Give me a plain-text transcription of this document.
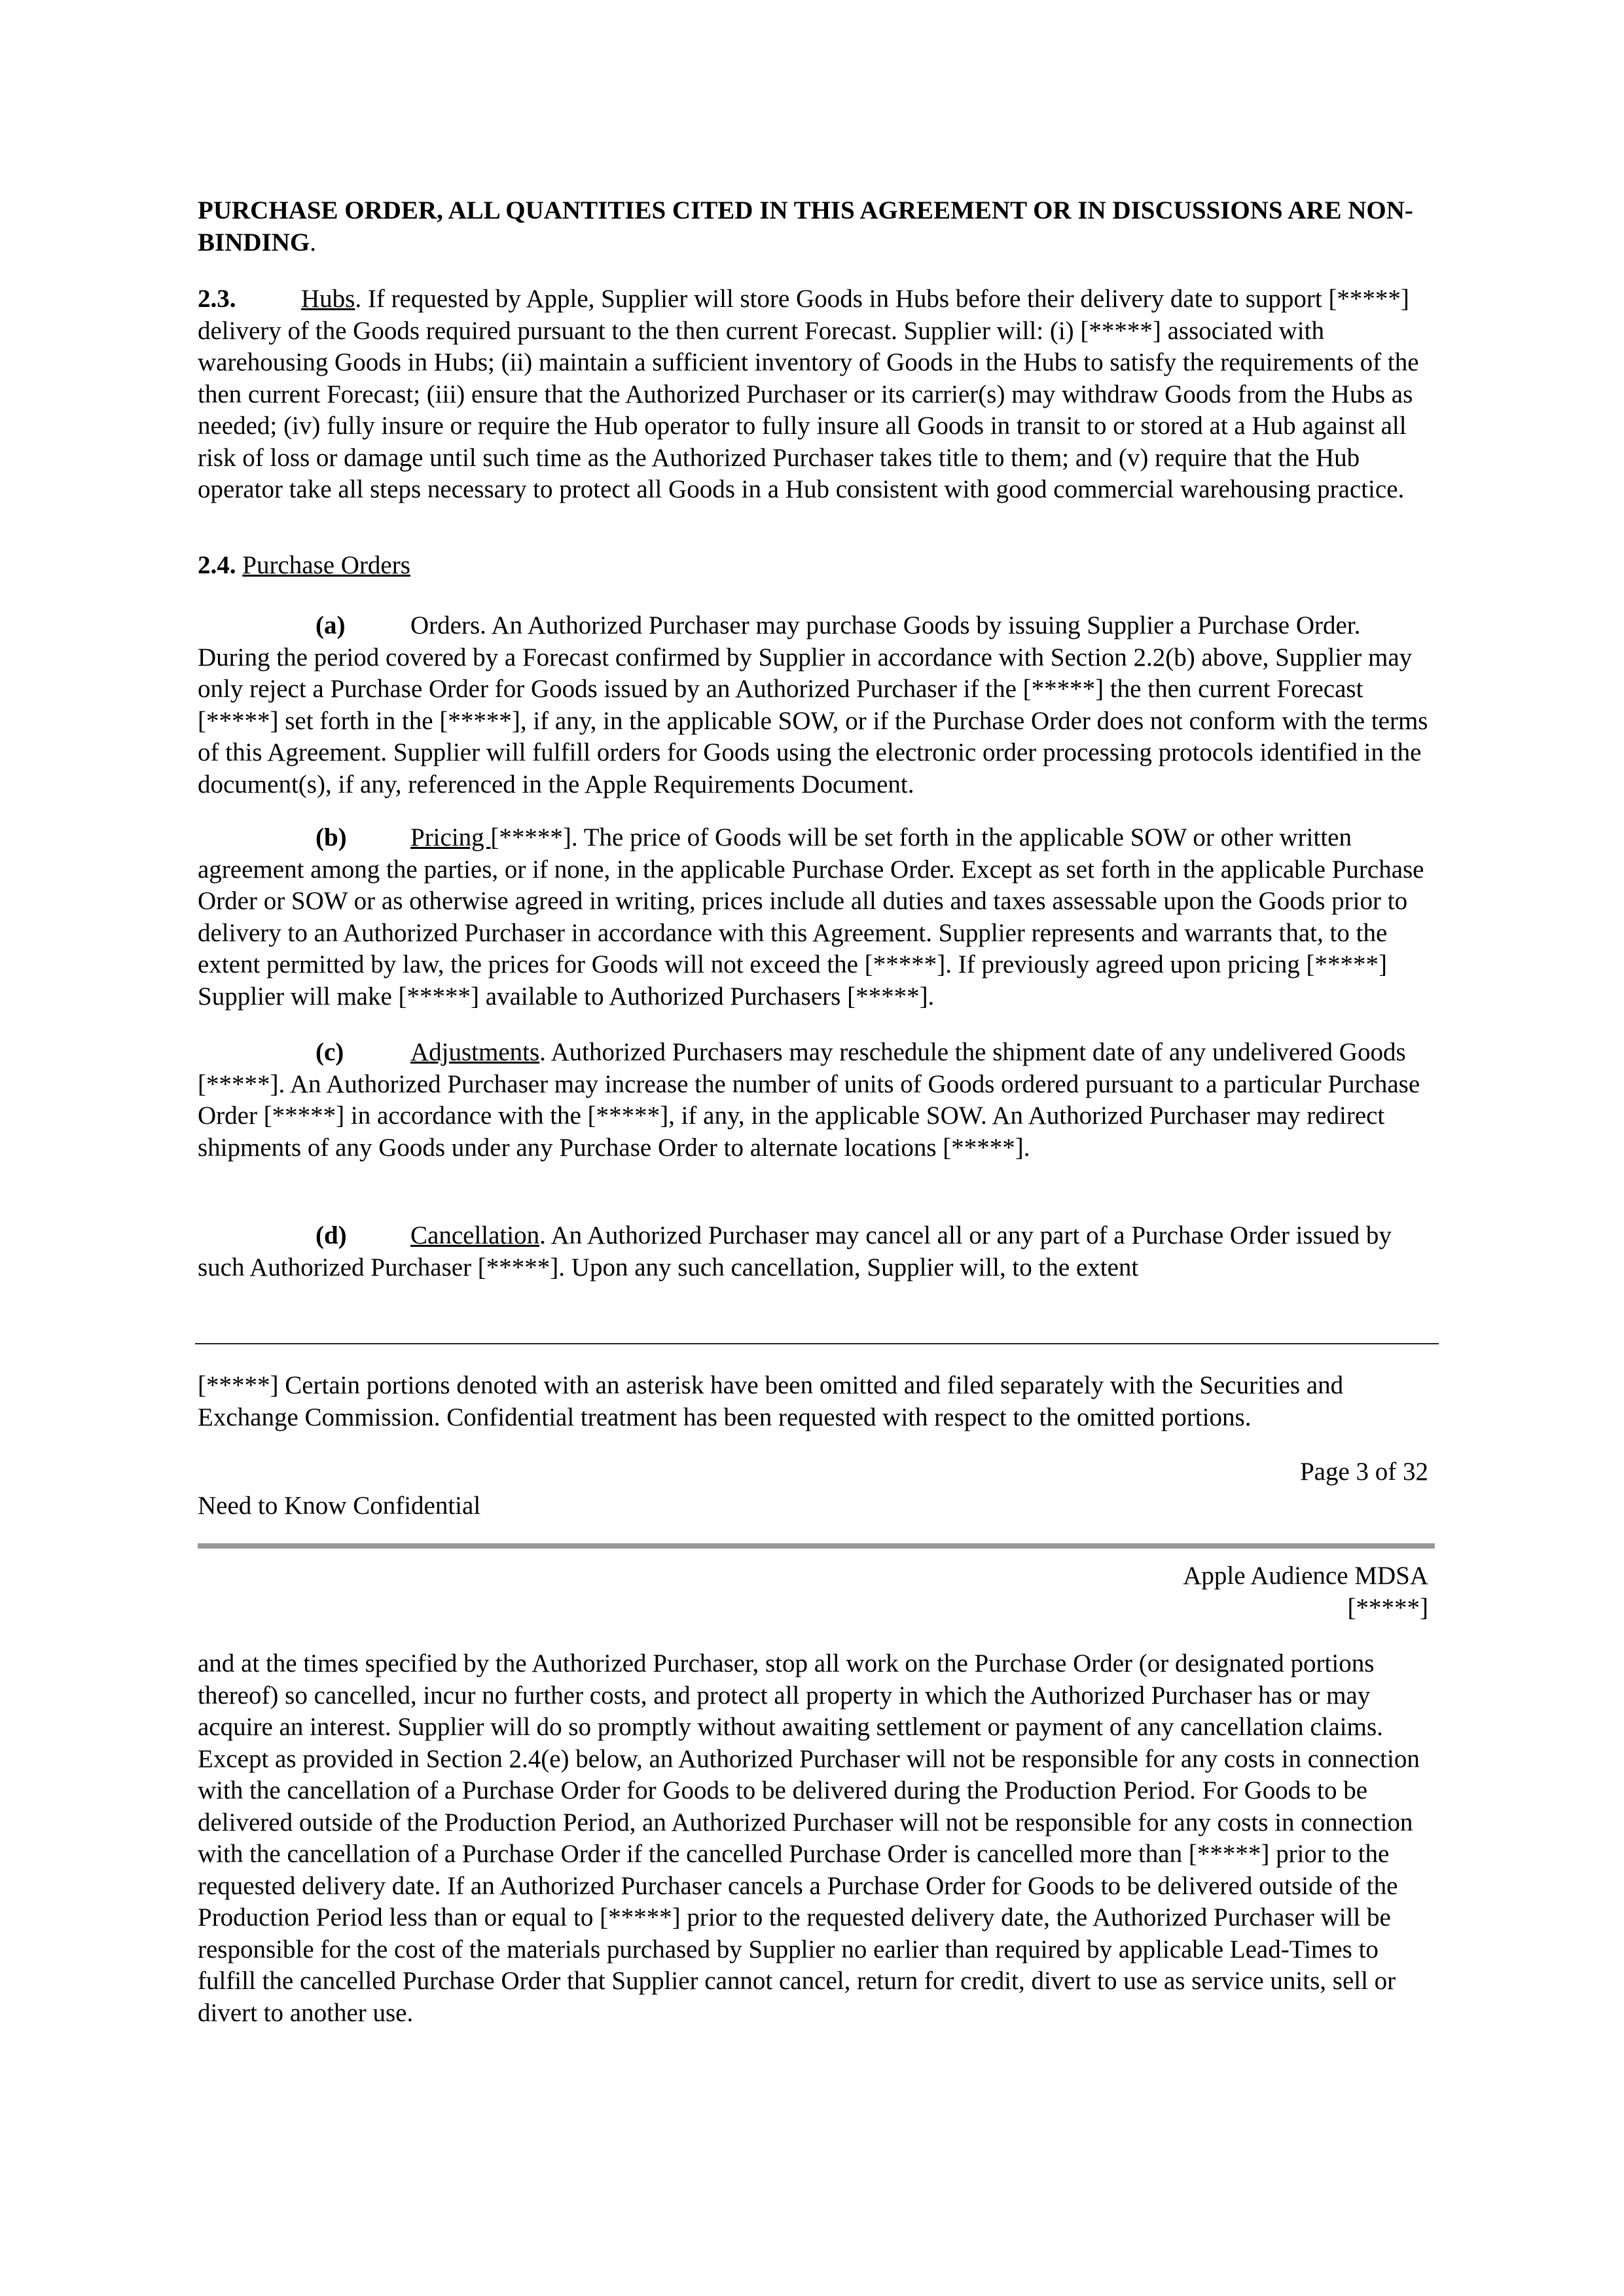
PURCHASE ORDER, ALL QUANTITIES CITED IN THIS AGREEMENT OR IN DISCUSSIONS ARE NON-BINDING.

2.3.	Hubs. If requested by Apple, Supplier will store Goods in Hubs before their delivery date to support [*****] delivery of the Goods required pursuant to the then current Forecast. Supplier will: (i) [*****] associated with warehousing Goods in Hubs; (ii) maintain a sufficient inventory of Goods in the Hubs to satisfy the requirements of the then current Forecast; (iii) ensure that the Authorized Purchaser or its carrier(s) may withdraw Goods from the Hubs as needed; (iv) fully insure or require the Hub operator to fully insure all Goods in transit to or stored at a Hub against all risk of loss or damage until such time as the Authorized Purchaser takes title to them; and (v) require that the Hub operator take all steps necessary to protect all Goods in a Hub consistent with good commercial warehousing practice.

2.4. Purchase Orders

(a)	Orders. An Authorized Purchaser may purchase Goods by issuing Supplier a Purchase Order. During the period covered by a Forecast confirmed by Supplier in accordance with Section 2.2(b) above, Supplier may only reject a Purchase Order for Goods issued by an Authorized Purchaser if the [*****] the then current Forecast [*****] set forth in the [*****], if any, in the applicable SOW, or if the Purchase Order does not conform with the terms of this Agreement. Supplier will fulfill orders for Goods using the electronic order processing protocols identified in the document(s), if any, referenced in the Apple Requirements Document.

(b) Pricing [*****]. The price of Goods will be set forth in the applicable SOW or other written agreement among the parties, or if none, in the applicable Purchase Order. Except as set forth in the applicable Purchase Order or SOW or as otherwise agreed in writing, prices include all duties and taxes assessable upon the Goods prior to delivery to an Authorized Purchaser in accordance with this Agreement. Supplier represents and warrants that, to the extent permitted by law, the prices for Goods will not exceed the [*****]. If previously agreed upon pricing [*****] Supplier will make [*****] available to Authorized Purchasers [*****].

(c)	Adjustments. Authorized Purchasers may reschedule the shipment date of any undelivered Goods [*****]. An Authorized Purchaser may increase the number of units of Goods ordered pursuant to a particular Purchase Order [*****] in accordance with the [*****], if any, in the applicable SOW. An Authorized Purchaser may redirect shipments of any Goods under any Purchase Order to alternate locations [*****].

(d) Cancellation. An Authorized Purchaser may cancel all or any part of a Purchase Order issued by such Authorized Purchaser [*****]. Upon any such cancellation, Supplier will, to the extent

[*****] Certain portions denoted with an asterisk have been omitted and filed separately with the Securities and Exchange Commission. Confidential treatment has been requested with respect to the omitted portions.

Page 3 of 32

Need to Know Confidential

Apple Audience MDSA

[*****]

and at the times specified by the Authorized Purchaser, stop all work on the Purchase Order (or designated portions thereof) so cancelled, incur no further costs, and protect all property in which the Authorized Purchaser has or may acquire an interest. Supplier will do so promptly without awaiting settlement or payment of any cancellation claims. Except as provided in Section 2.4(e) below, an Authorized Purchaser will not be responsible for any costs in connection with the cancellation of a Purchase Order for Goods to be delivered during the Production Period. For Goods to be delivered outside of the Production Period, an Authorized Purchaser will not be responsible for any costs in connection with the cancellation of a Purchase Order if the cancelled Purchase Order is cancelled more than [*****] prior to the requested delivery date. If an Authorized Purchaser cancels a Purchase Order for Goods to be delivered outside of the Production Period less than or equal to [*****] prior to the requested delivery date, the Authorized Purchaser will be responsible for the cost of the materials purchased by Supplier no earlier than required by applicable Lead-Times to fulfill the cancelled Purchase Order that Supplier cannot cancel, return for credit, divert to use as service units, sell or divert to another use.
